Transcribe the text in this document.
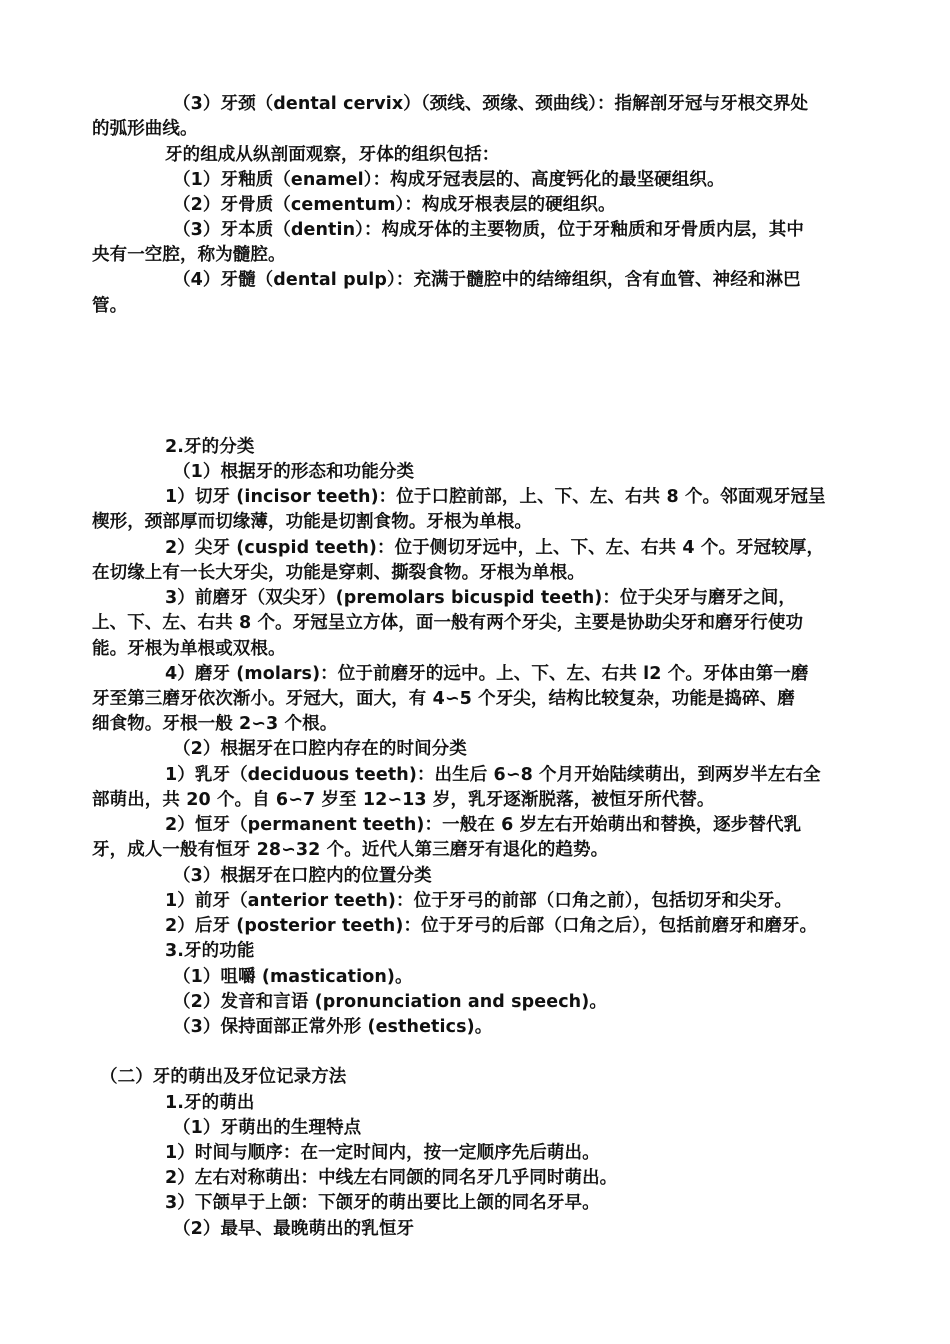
（3）牙颈（dental cervix）（颈线、颈缘、颈曲线）：指解剖牙冠与牙根交界处
的弧形曲线。
牙的组成从纵剖面观察，牙体的组织包括：
（1）牙釉质（enamel）：构成牙冠表层的、高度钙化的最坚硬组织。
（2）牙骨质（cementum）：构成牙根表层的硬组织。
（3）牙本质（dentin）：构成牙体的主要物质，位于牙釉质和牙骨质内层，其中
央有一空腔，称为髓腔。
（4）牙髓（dental pulp）：充满于髓腔中的结缔组织，含有血管、神经和淋巴
管。
2.牙的分类
（1）根据牙的形态和功能分类
1）切牙 (incisor teeth)：位于口腔前部，上、下、左、右共 8 个。邻面观牙冠呈
楔形，颈部厚而切缘薄，功能是切割食物。牙根为单根。
2）尖牙 (cuspid teeth)：位于侧切牙远中，上、下、左、右共 4 个。牙冠较厚，
在切缘上有一长大牙尖，功能是穿刺、撕裂食物。牙根为单根。
3）前磨牙（双尖牙）(premolars bicuspid teeth)：位于尖牙与磨牙之间，
上、下、左、右共 8 个。牙冠呈立方体，面一般有两个牙尖，主要是协助尖牙和磨牙行使功
能。牙根为单根或双根。
4）磨牙 (molars)：位于前磨牙的远中。上、下、左、右共 l2 个。牙体由第一磨
牙至第三磨牙依次渐小。牙冠大，面大，有 4∽5 个牙尖，结构比较复杂，功能是捣碎、磨
细食物。牙根一般 2∽3 个根。
（2）根据牙在口腔内存在的时间分类
1）乳牙（deciduous teeth)：出生后 6∽8 个月开始陆续萌出，到两岁半左右全
部萌出，共 20 个。自 6∽7 岁至 12∽13 岁，乳牙逐渐脱落，被恒牙所代替。
2）恒牙（permanent teeth)：一般在 6 岁左右开始萌出和替换，逐步替代乳
牙，成人一般有恒牙 28∽32 个。近代人第三磨牙有退化的趋势。
（3）根据牙在口腔内的位置分类
1）前牙（anterior teeth)：位于牙弓的前部（口角之前），包括切牙和尖牙。
2）后牙 (posterior teeth)：位于牙弓的后部（口角之后），包括前磨牙和磨牙。
3.牙的功能
（1）咀嚼 (mastication)。
（2）发音和言语 (pronunciation and speech)。
（3）保持面部正常外形 (esthetics)。
（二）牙的萌出及牙位记录方法
1.牙的萌出
（1）牙萌出的生理特点
1）时间与顺序：在一定时间内，按一定顺序先后萌出。
2）左右对称萌出：中线左右同颌的同名牙几乎同时萌出。
3）下颌早于上颌：下颌牙的萌出要比上颌的同名牙早。
（2）最早、最晚萌出的乳恒牙
